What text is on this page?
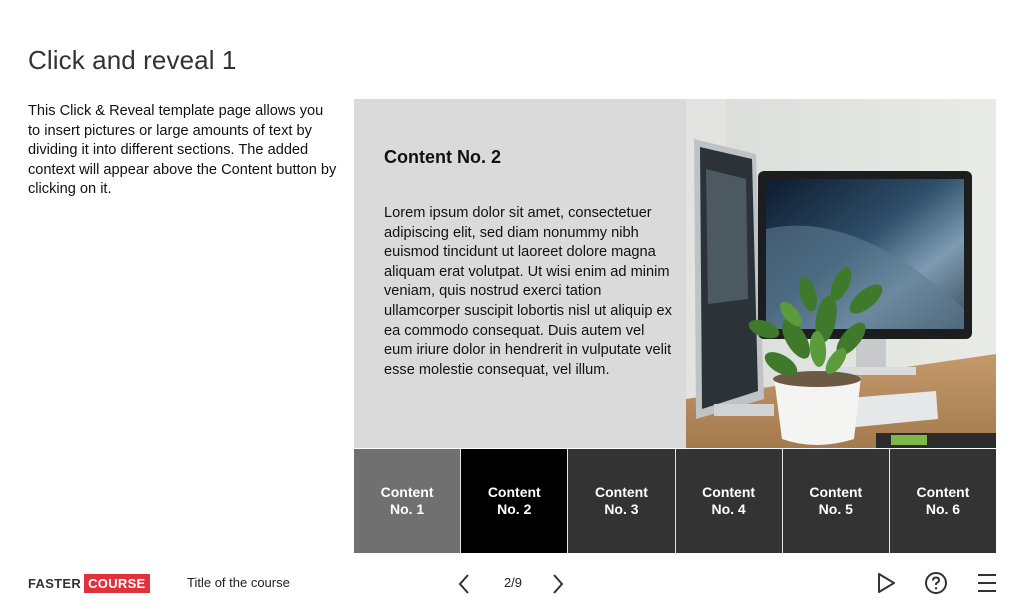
Click and reveal 1

This Click & Reveal template page allows you to insert pictures or large amounts of text by dividing it into different sections. The added context will appear above the Content button by clicking on it.

Content No. 2

Lorem ipsum dolor sit amet, consectetuer adipiscing elit, sed diam nonummy nibh euismod tincidunt ut laoreet dolore magna aliquam erat volutpat. Ut wisi enim ad minim veniam, quis nostrud exerci tation ullamcorper suscipit lobortis nisl ut aliquip ex ea commodo consequat. Duis autem vel eum iriure dolor in hendrerit in vulputate velit esse molestie consequat, vel illum.

Content
No. 1
Content
No. 2
Content
No. 3
Content
No. 4
Content
No. 5
Content
No. 6
FASTER COURSE	Title of the course	2/9
